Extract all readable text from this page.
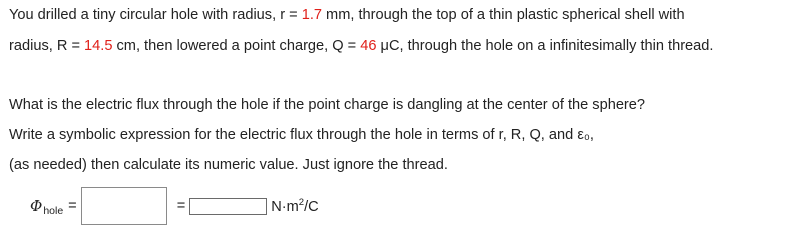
You drilled a tiny circular hole with radius, r = 1.7 mm, through the top of a thin plastic spherical shell with
radius, R = 14.5 cm, then lowered a point charge, Q = 46 μC, through the hole on a infinitesimally thin thread.
What is the electric flux through the hole if the point charge is dangling at the center of the sphere?
Write a symbolic expression for the electric flux through the hole in terms of r, R, Q, and ε₀,
(as needed) then calculate its numeric value. Just ignore the thread.
Φ hole =	=	$N\cdot m^2/C$
